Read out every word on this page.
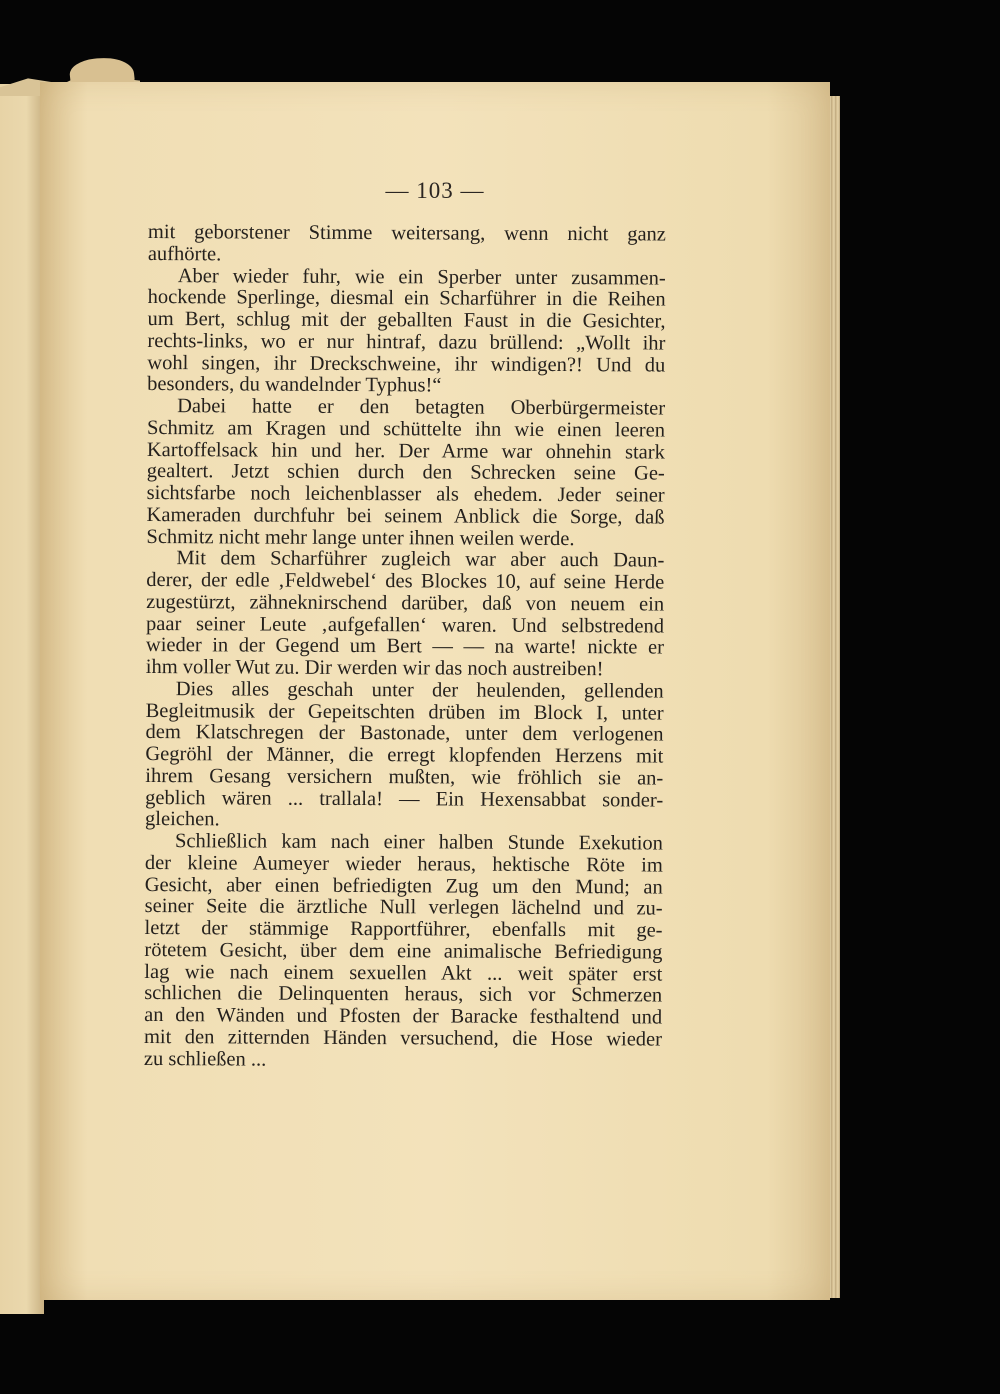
— 103 —
mit geborstener Stimme weitersang, wenn nicht ganz
aufhörte.
Aber wieder fuhr, wie ein Sperber unter zusammen-
hockende Sperlinge, diesmal ein Scharführer in die Reihen
um Bert, schlug mit der geballten Faust in die Gesichter,
rechts-links, wo er nur hintraf, dazu brüllend: „Wollt ihr
wohl singen, ihr Dreckschweine, ihr windigen?! Und du
besonders, du wandelnder Typhus!“
Dabei hatte er den betagten Oberbürgermeister
Schmitz am Kragen und schüttelte ihn wie einen leeren
Kartoffelsack hin und her. Der Arme war ohnehin stark
gealtert. Jetzt schien durch den Schrecken seine Ge-
sichtsfarbe noch leichenblasser als ehedem. Jeder seiner
Kameraden durchfuhr bei seinem Anblick die Sorge, daß
Schmitz nicht mehr lange unter ihnen weilen werde.
Mit dem Scharführer zugleich war aber auch Daun-
derer, der edle ‚Feldwebel‘ des Blockes 10, auf seine Herde
zugestürzt, zähneknirschend darüber, daß von neuem ein
paar seiner Leute ‚aufgefallen‘ waren. Und selbstredend
wieder in der Gegend um Bert — — na warte! nickte er
ihm voller Wut zu. Dir werden wir das noch austreiben!
Dies alles geschah unter der heulenden, gellenden
Begleitmusik der Gepeitschten drüben im Block I, unter
dem Klatschregen der Bastonade, unter dem verlogenen
Gegröhl der Männer, die erregt klopfenden Herzens mit
ihrem Gesang versichern mußten, wie fröhlich sie an-
geblich wären ... trallala! — Ein Hexensabbat sonder-
gleichen.
Schließlich kam nach einer halben Stunde Exekution
der kleine Aumeyer wieder heraus, hektische Röte im
Gesicht, aber einen befriedigten Zug um den Mund; an
seiner Seite die ärztliche Null verlegen lächelnd und zu-
letzt der stämmige Rapportführer, ebenfalls mit ge-
rötetem Gesicht, über dem eine animalische Befriedigung
lag wie nach einem sexuellen Akt ... weit später erst
schlichen die Delinquenten heraus, sich vor Schmerzen
an den Wänden und Pfosten der Baracke festhaltend und
mit den zitternden Händen versuchend, die Hose wieder
zu schließen ...
